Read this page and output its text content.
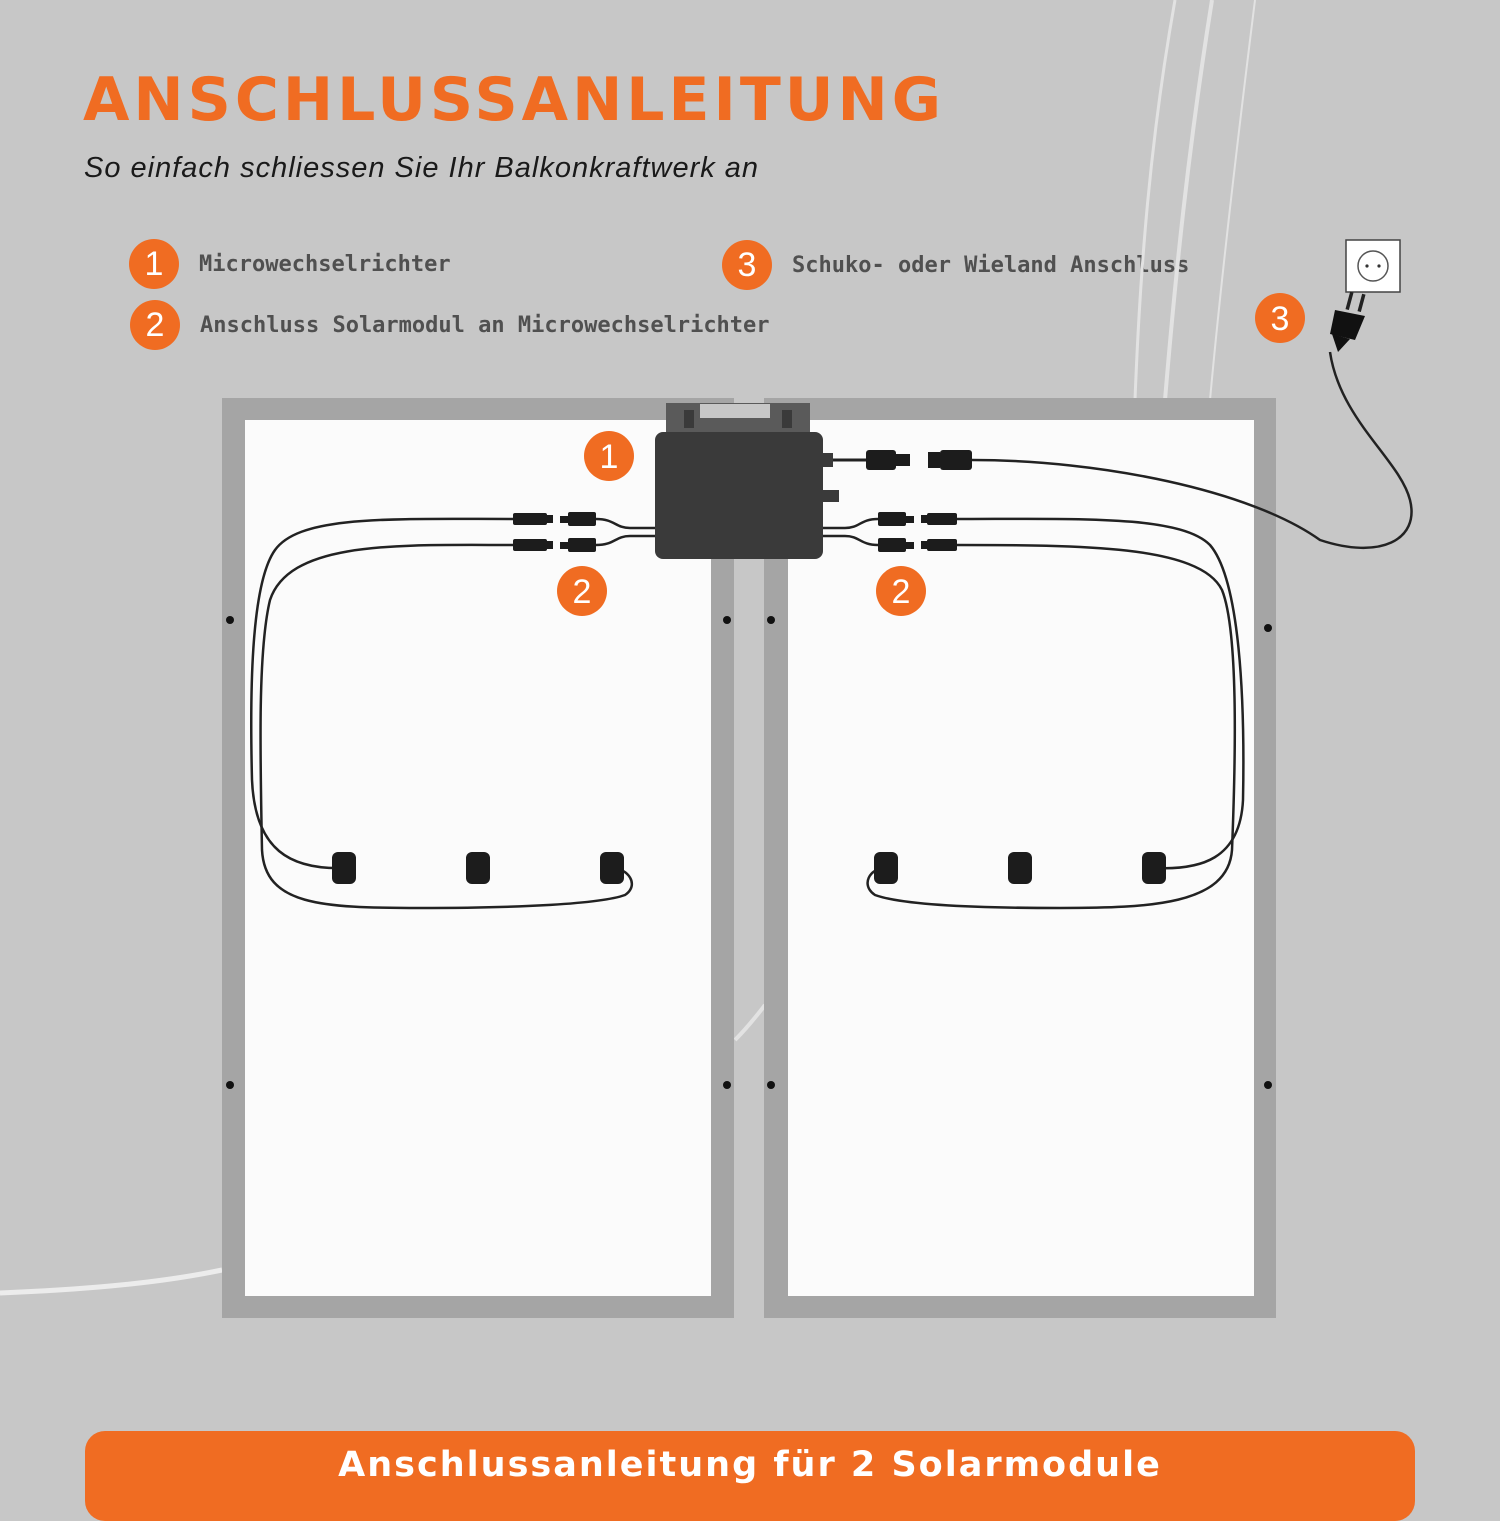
ANSCHLUSSANLEITUNG

So einfach schliessen Sie Ihr Balkonkraftwerk an

1	Microwechselrichter
2	Anschluss Solarmodul an Microwechselrichter
3	Schuko- oder Wieland Anschluss
1
2	2
3
Anschlussanleitung für 2 Solarmodule
